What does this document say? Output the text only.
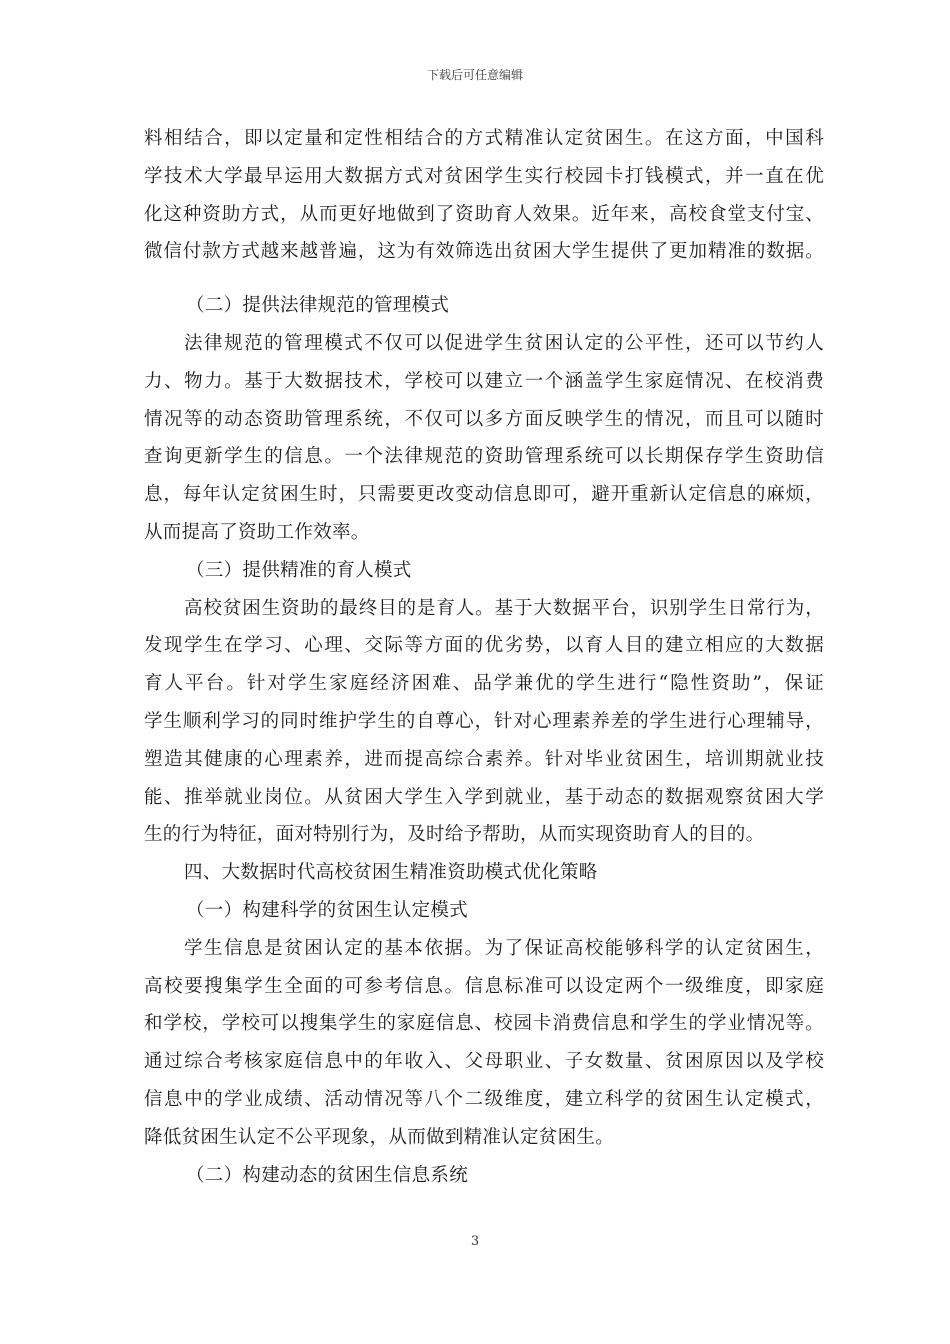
下载后可任意编辑
料相结合，即以定量和定性相结合的方式精准认定贫困生。在这方面，中国科
学技术大学最早运用大数据方式对贫困学生实行校园卡打钱模式，并一直在优
化这种资助方式，从而更好地做到了资助育人效果。近年来，高校食堂支付宝、
微信付款方式越来越普遍，这为有效筛选出贫困大学生提供了更加精准的数据。
（二）提供法律规范的管理模式
法律规范的管理模式不仅可以促进学生贫困认定的公平性，还可以节约人
力、物力。基于大数据技术，学校可以建立一个涵盖学生家庭情况、在校消费
情况等的动态资助管理系统，不仅可以多方面反映学生的情况，而且可以随时
查询更新学生的信息。一个法律规范的资助管理系统可以长期保存学生资助信
息，每年认定贫困生时，只需要更改变动信息即可，避开重新认定信息的麻烦，
从而提高了资助工作效率。
（三）提供精准的育人模式
高校贫困生资助的最终目的是育人。基于大数据平台，识别学生日常行为，
发现学生在学习、心理、交际等方面的优劣势，以育人目的建立相应的大数据
育人平台。针对学生家庭经济困难、品学兼优的学生进行“隐性资助”，保证
学生顺利学习的同时维护学生的自尊心，针对心理素养差的学生进行心理辅导，
塑造其健康的心理素养，进而提高综合素养。针对毕业贫困生，培训期就业技
能、推举就业岗位。从贫困大学生入学到就业，基于动态的数据观察贫困大学
生的行为特征，面对特别行为，及时给予帮助，从而实现资助育人的目的。
四、大数据时代高校贫困生精准资助模式优化策略
（一）构建科学的贫困生认定模式
学生信息是贫困认定的基本依据。为了保证高校能够科学的认定贫困生，
高校要搜集学生全面的可参考信息。信息标准可以设定两个一级维度，即家庭
和学校，学校可以搜集学生的家庭信息、校园卡消费信息和学生的学业情况等。
通过综合考核家庭信息中的年收入、父母职业、子女数量、贫困原因以及学校
信息中的学业成绩、活动情况等八个二级维度，建立科学的贫困生认定模式，
降低贫困生认定不公平现象，从而做到精准认定贫困生。
（二）构建动态的贫困生信息系统
3
